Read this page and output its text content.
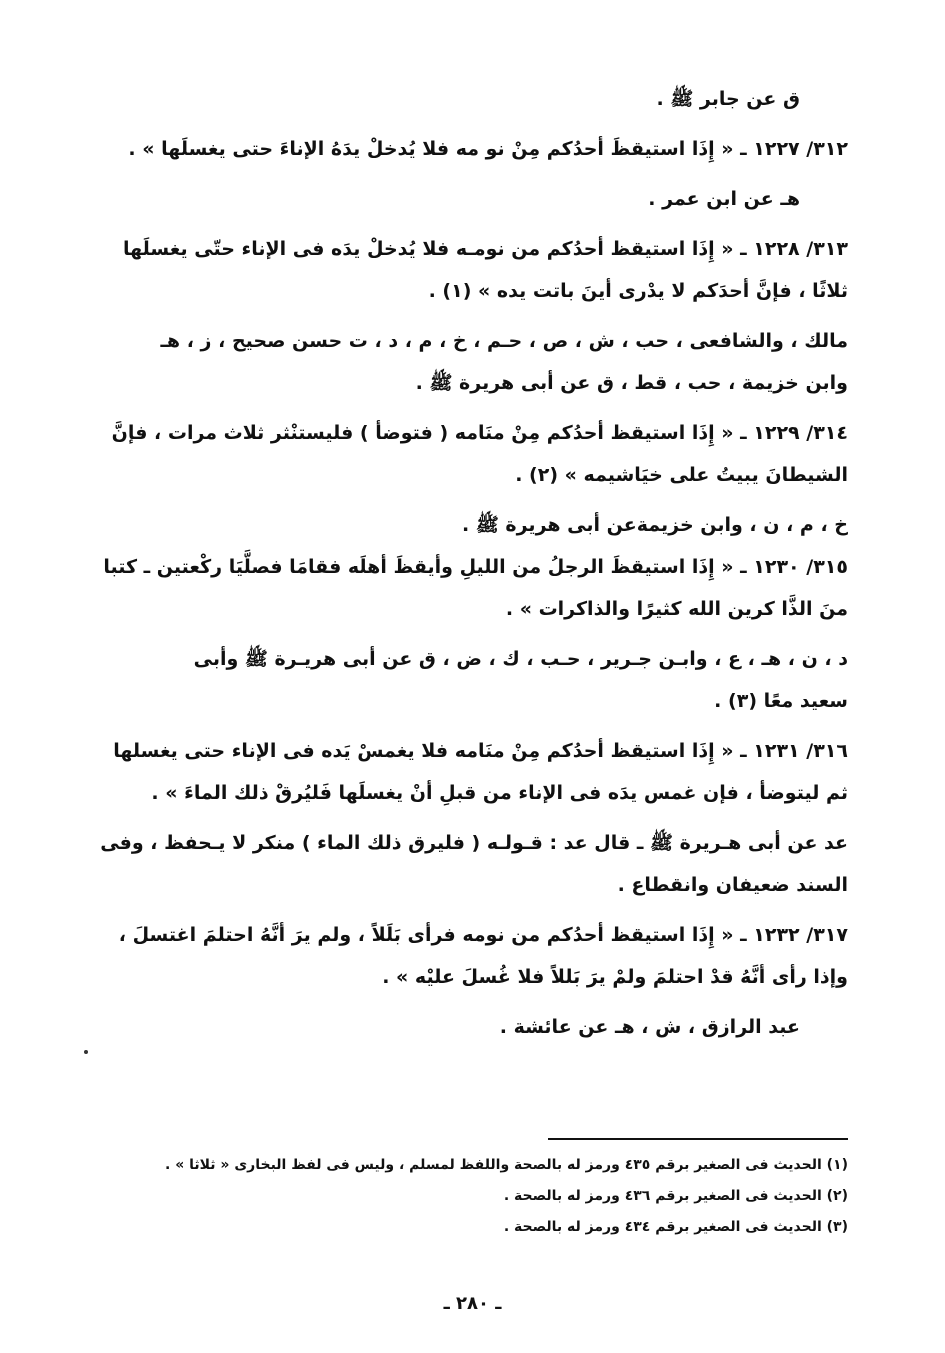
ق عن جابر ﷺ .
٣١٢/ ١٢٢٧ ـ « إِذَا استيقظَ أحدُكم مِنْ نو مه فلا يُدخلْ يدَهُ الإناءَ حتى يغسلَها » .
هـ عن ابن عمر .
٣١٣/ ١٢٢٨ ـ « إِذَا استيقظ أحدُكم من نومـه فلا يُدخلْ يدَه فى الإناء حتّى يغسلَها
ثلاثًا ، فإنَّ أحدَكم لا يدْرى أينَ باتت يده » (١) .
مالك ، والشافعى ، حب ، ش ، ص ، حـم ، خ ، م ، د ، ت حسن صحيح ، ز ، هـ
وابن خزيمة ، حب ، قط ، ق عن أبى هريرة ﷺ .
٣١٤/ ١٢٢٩ ـ « إِذَا استيقظ أحدُكم مِنْ منَامه ( فتوضأ ) فليستنْثر ثلاث مرات ، فإنَّ
الشيطانَ يبيتُ على خيَاشيمه » (٢) .
خ ، م ، ن ، وابن خزيمةعن أبى هريرة ﷺ .
٣١٥/ ١٢٣٠ ـ « إِذَا استيقظَ الرجلُ من الليلِ وأيقظَ أهلَه فقامَا فصلَّيَا ركْعتين ـ كتبا
منَ الذَّا كرين الله كثيرًا والذاكرات » .
د ، ن ، هـ ، ع ، وابـن جـرير ، حـب ، ك ، ض ، ق عن أبى هريـرة ﷺ وأبى
سعيد معًا (٣) .
٣١٦/ ١٢٣١ ـ « إِذَا استيقظ أحدُكم مِنْ منَامه فلا يغمسْ يَده فى الإناء حتى يغسلها
ثم ليتوضأ ، فإن غمس يدَه فى الإناء من قبلِ أنْ يغسلَها فَليُرقْ ذلك الماءَ » .
عد عن أبى هـريرة ﷺ ـ قال عد : قـولـه ( فليرق ذلك الماء ) منكر لا يـحفظ ، وفى
السند ضعيفان وانقطاع .
٣١٧/ ١٢٣٢ ـ « إِذَا استيقظ أحدُكم من نومه فرأى بَلَلاً ، ولم يرَ أنَّهُ احتلمَ اغتسلَ ،
وإذا رأى أنَّهُ قدْ احتلمَ ولمْ يرَ بَللاً فلا غُسلَ عليْه » .
عبد الرازق ، ش ، هـ عن عائشة .
(١) الحديث فى الصغير برقم ٤٣٥ ورمز له بالصحة واللفظ لمسلم ، وليس فى لفظ البخارى « ثلاثا » .
(٢) الحديث فى الصغير برقم ٤٣٦ ورمز له بالصحة .
(٣) الحديث فى الصغير برقم ٤٣٤ ورمز له بالصحة .
ـ ٢٨٠ ـ
